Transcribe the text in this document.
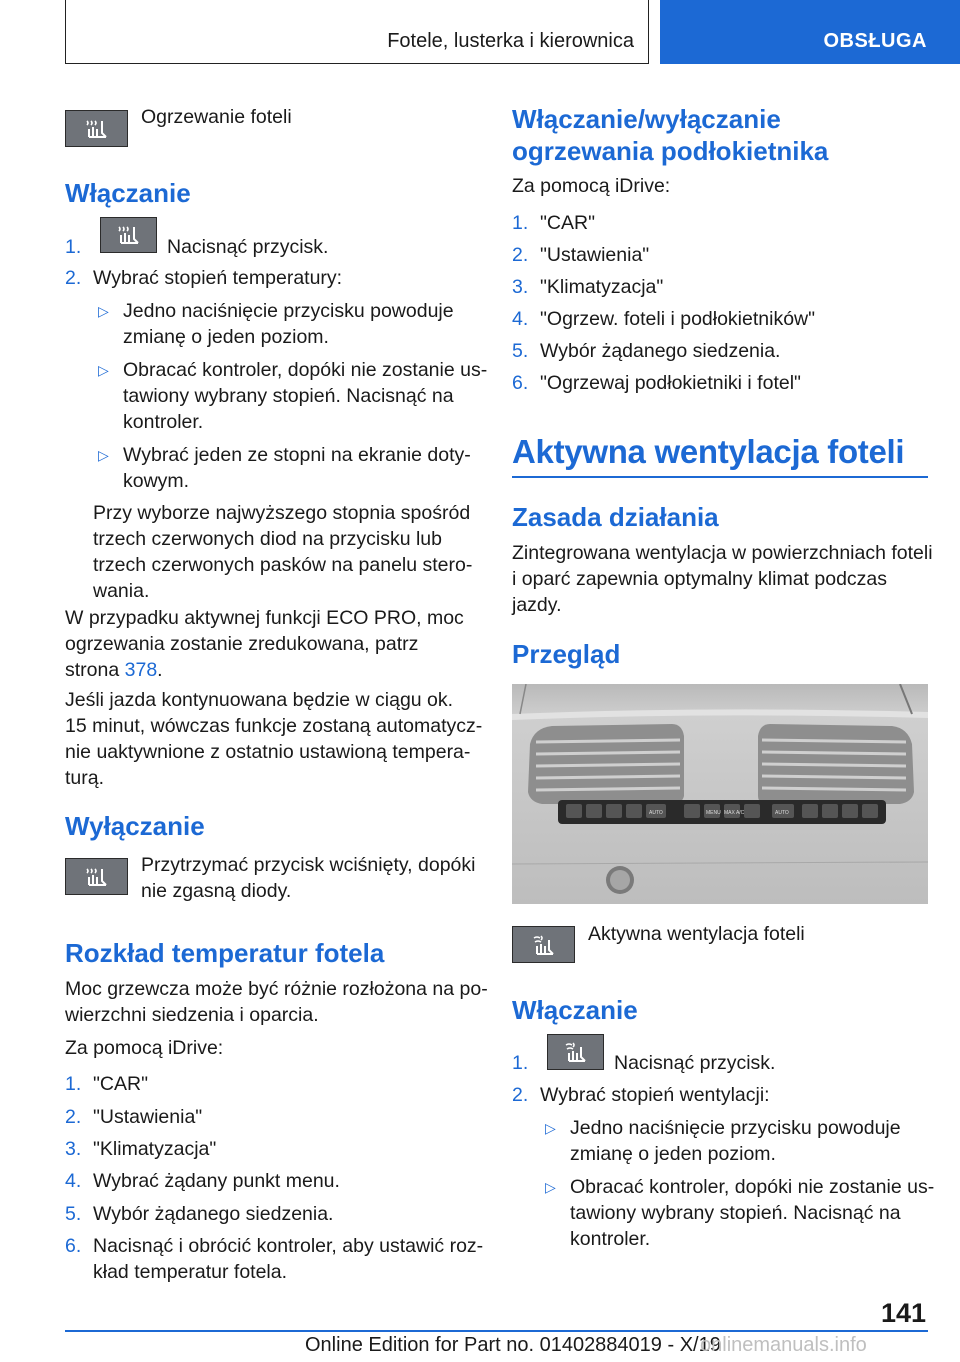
Fotele, lusterka i kierownica	OBSŁUGA
Ogrzewanie foteli
Włączanie
1.	Nacisnąć przycisk.
2. Wybrać stopień temperatury:
▷ Jedno naciśnięcie przycisku powoduje
zmianę o jeden poziom.
▷ Obracać kontroler, dopóki nie zostanie us-
tawiony wybrany stopień. Nacisnąć na
kontroler.
▷ Wybrać jeden ze stopni na ekranie doty-
kowym.
Przy wyborze najwyższego stopnia spośród
trzech czerwonych diod na przycisku lub
trzech czerwonych pasków na panelu stero-
wania.
W przypadku aktywnej funkcji ECO PRO, moc
ogrzewania zostanie zredukowana, patrz
strona 378.
Jeśli jazda kontynuowana będzie w ciągu ok.
15 minut, wówczas funkcje zostaną automatycz-
nie uaktywnione z ostatnio ustawioną tempera-
turą.
Wyłączanie
Przytrzymać przycisk wciśnięty, dopóki
nie zgasną diody.
Rozkład temperatur fotela
Moc grzewcza może być różnie rozłożona na po-
wierzchni siedzenia i oparcia.
Za pomocą iDrive:
1. "CAR"
2. "Ustawienia"
3. "Klimatyzacja"
4. Wybrać żądany punkt menu.
5. Wybór żądanego siedzenia.
6. Nacisnąć i obrócić kontroler, aby ustawić roz-
kład temperatur fotela.
Włączanie/wyłączanie
ogrzewania podłokietnika
Za pomocą iDrive:
1. "CAR"
2. "Ustawienia"
3. "Klimatyzacja"
4. "Ogrzew. foteli i podłokietników"
5. Wybór żądanego siedzenia.
6. "Ogrzewaj podłokietniki i fotel"
Aktywna wentylacja foteli
Zasada działania
Zintegrowana wentylacja w powierzchniach foteli
i oparć zapewnia optymalny klimat podczas
jazdy.
Przegląd
AUTO	AUTO
MAX A/C
MENU
Aktywna wentylacja foteli
Włączanie
1.	Nacisnąć przycisk.
2. Wybrać stopień wentylacji:
▷ Jedno naciśnięcie przycisku powoduje
zmianę o jeden poziom.
▷ Obracać kontroler, dopóki nie zostanie us-
tawiony wybrany stopień. Nacisnąć na
kontroler.
141
Online Edition for Part no. 01402884019 - X/19
onlinemanuals.info
